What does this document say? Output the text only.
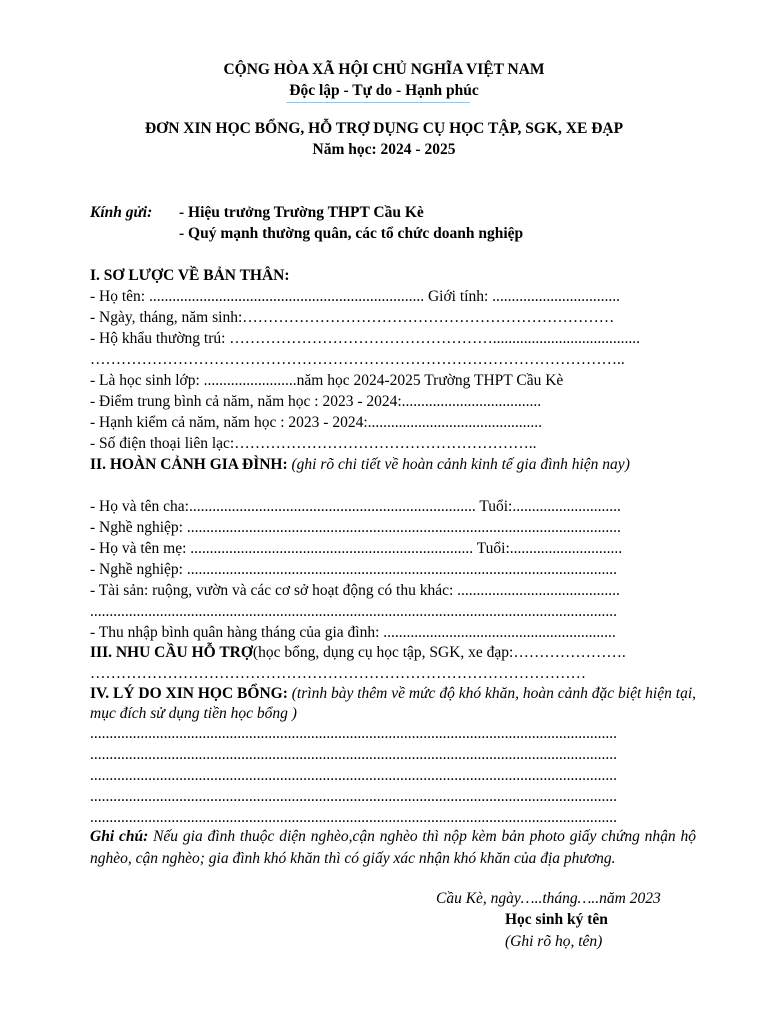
CỘNG HÒA XÃ HỘI CHỦ NGHĨA VIỆT NAM
Độc lập - Tự do - Hạnh phúc
ĐƠN XIN HỌC BỔNG, HỖ TRỢ DỤNG CỤ HỌC TẬP, SGK, XE ĐẠP
Năm học: 2024 - 2025
Kính gửi: - Hiệu trưởng Trường THPT Cầu Kè
- Quý mạnh thường quân, các tổ chức doanh nghiệp
I. SƠ LƯỢC VỀ BẢN THÂN:
- Họ tên: ....................................................................... Giới tính: .................................
- Ngày, tháng, năm sinh:………………………………………………………………
- Hộ khẩu thường trú: ……………………………………………......................................
…………………………………………………………………………………………..
- Là học sinh lớp: ........................năm học 2024-2025 Trường THPT Cầu Kè
- Điểm trung bình cả năm, năm học : 2023 - 2024:....................................
- Hạnh kiểm cả năm, năm học : 2023 - 2024:.............................................
- Số điện thoại liên lạc:…………………………………………………..
II. HOÀN CẢNH GIA ĐÌNH: (ghi rõ chi tiết về hoàn cảnh kinh tế gia đình hiện nay)
- Họ và tên cha:.......................................................................... Tuổi:............................
- Nghề nghiệp: ................................................................................................................
- Họ và tên mẹ: ......................................................................... Tuổi:.............................
- Nghề nghiệp: ...............................................................................................................
- Tài sản: ruộng, vườn và các cơ sở hoạt động có thu khác: ..........................................
........................................................................................................................................
- Thu nhập bình quân hàng tháng của gia đình: ............................................................
III. NHU CẦU HỖ TRỢ(học bổng, dụng cụ học tập, SGK, xe đạp:………………….
……………………………………………………………………………………
IV. LÝ DO XIN HỌC BỔNG: (trình bày thêm về mức độ khó khăn, hoàn cảnh đặc biệt hiện tại, mục đích sử dụng tiền học bổng )
........................................................................................................................................
........................................................................................................................................
........................................................................................................................................
........................................................................................................................................
........................................................................................................................................
Ghi chú: Nếu gia đình thuộc diện nghèo,cận nghèo thì nộp kèm bản photo giấy chứng nhận hộ nghèo, cận nghèo; gia đình khó khăn thì có giấy xác nhận khó khăn của địa phương.
Cầu Kè, ngày…..tháng…..năm 2023
Học sinh ký tên
(Ghi rõ họ, tên)
